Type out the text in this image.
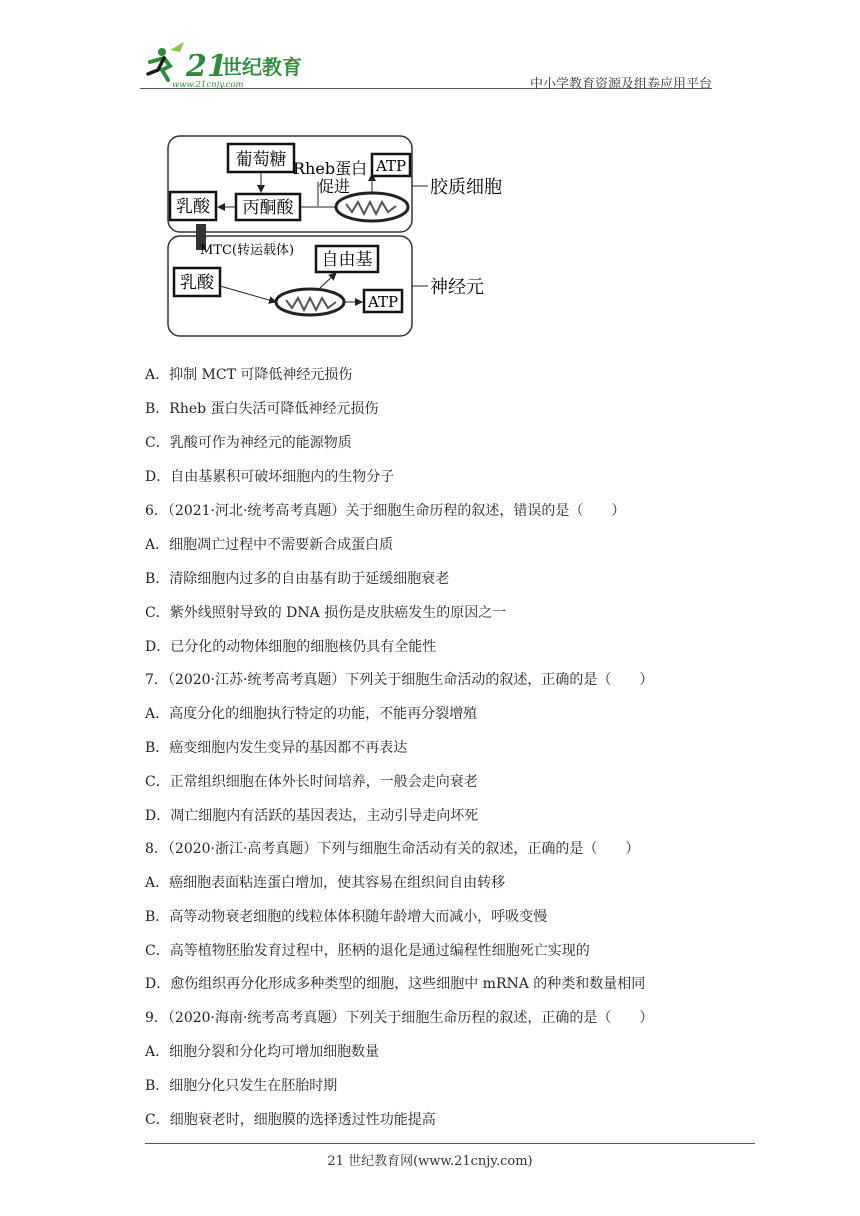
21
世纪教育
www.21cnjy.com	中小学教育资源及组卷应用平台
葡萄糖
丙酮酸
乳酸
Rheb蛋白
促进
ATP
胶质细胞
MTC(转运载体) 自由基
乳酸
ATP
神经元
A．抑制 MCT 可降低神经元损伤
B．Rheb 蛋白失活可降低神经元损伤
C．乳酸可作为神经元的能源物质
D．自由基累积可破坏细胞内的生物分子
6．（2021·河北·统考高考真题）关于细胞生命历程的叙述，错误的是（　　）
A．细胞凋亡过程中不需要新合成蛋白质
B．清除细胞内过多的自由基有助于延缓细胞衰老
C．紫外线照射导致的 DNA 损伤是皮肤癌发生的原因之一
D．已分化的动物体细胞的细胞核仍具有全能性
7．（2020·江苏·统考高考真题）下列关于细胞生命活动的叙述，正确的是（　　）
A．高度分化的细胞执行特定的功能，不能再分裂增殖
B．癌变细胞内发生变异的基因都不再表达
C．正常组织细胞在体外长时间培养，一般会走向衰老
D．凋亡细胞内有活跃的基因表达，主动引导走向坏死
8．（2020·浙江·高考真题）下列与细胞生命活动有关的叙述，正确的是（　　）
A．癌细胞表面粘连蛋白增加，使其容易在组织间自由转移
B．高等动物衰老细胞的线粒体体积随年龄增大而减小，呼吸变慢
C．高等植物胚胎发育过程中，胚柄的退化是通过编程性细胞死亡实现的
D．愈伤组织再分化形成多种类型的细胞，这些细胞中 mRNA 的种类和数量相同
9．（2020·海南·统考高考真题）下列关于细胞生命历程的叙述，正确的是（　　）
A．细胞分裂和分化均可增加细胞数量
B．细胞分化只发生在胚胎时期
C．细胞衰老时，细胞膜的选择透过性功能提高
21 世纪教育网(www.21cnjy.com)
